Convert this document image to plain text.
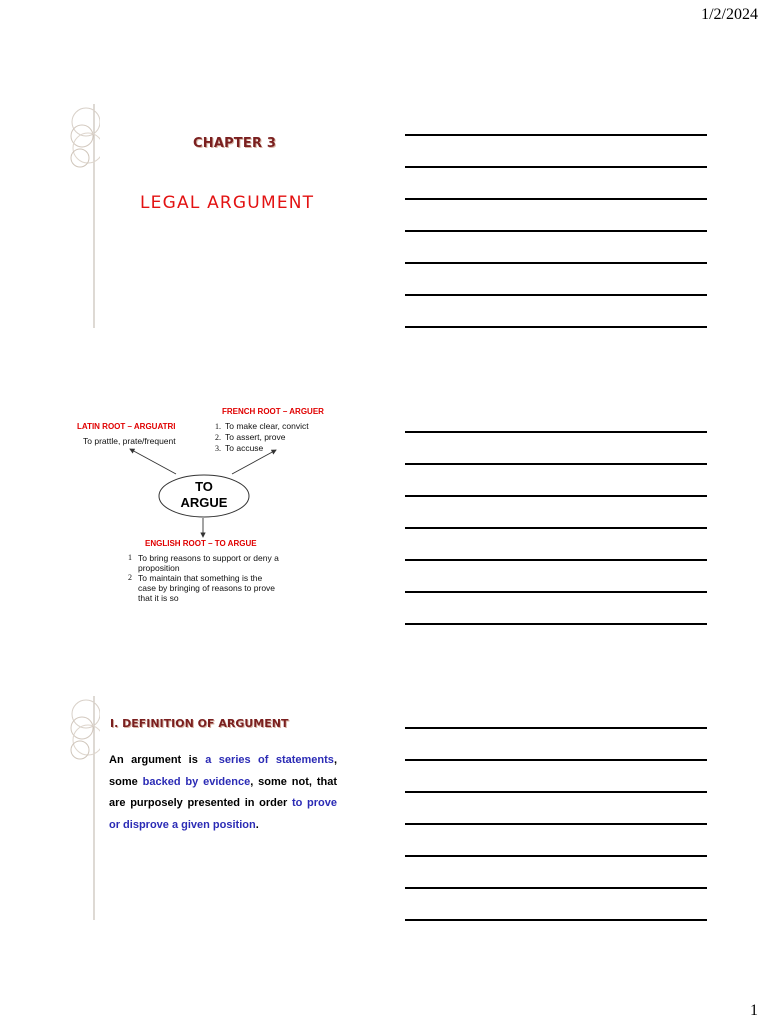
1/2/2024
CHAPTER 3
LEGAL ARGUMENT
FRENCH ROOT – ARGUER
1. To make clear, convict
2. To assert, prove
3. To accuse
LATIN ROOT – ARGUATRI
To prattle, prate/frequent
TO
ARGUE
ENGLISH ROOT – TO ARGUE
1 To bring reasons to support or deny a
proposition
2 To maintain that something is the
case by bringing of reasons to prove
that it is so
I. DEFINITION OF ARGUMENT
An argument is a series of statements, some backed by evidence, some not, that are purposely presented in order to prove or disprove a given position.
1
